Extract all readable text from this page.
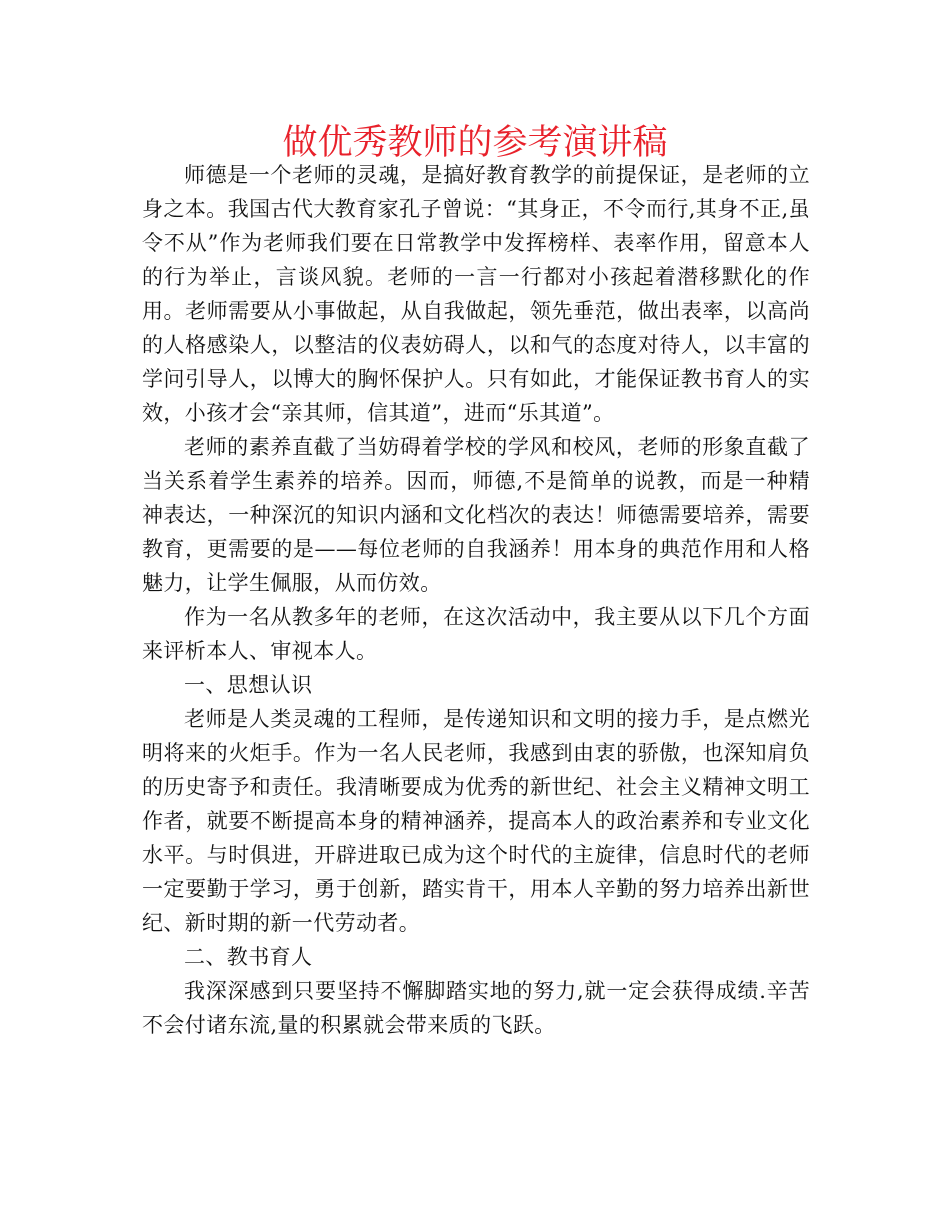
做优秀教师的参考演讲稿

师德是一个老师的灵魂，是搞好教育教学的前提保证，是老师的立身之本。我国古代大教育家孔子曾说：“其身正，不令而行,其身不正,虽令不从”作为老师我们要在日常教学中发挥榜样、表率作用，留意本人的行为举止，言谈风貌。老师的一言一行都对小孩起着潜移默化的作用。老师需要从小事做起，从自我做起，领先垂范，做出表率，以高尚的人格感染人，以整洁的仪表妨碍人，以和气的态度对待人，以丰富的学问引导人，以博大的胸怀保护人。只有如此，才能保证教书育人的实效，小孩才会“亲其师，信其道”，进而“乐其道”。

老师的素养直截了当妨碍着学校的学风和校风，老师的形象直截了当关系着学生素养的培养。因而，师德,不是简单的说教，而是一种精神表达，一种深沉的知识内涵和文化档次的表达！师德需要培养，需要教育，更需要的是——每位老师的自我涵养！用本身的典范作用和人格魅力，让学生佩服，从而仿效。

作为一名从教多年的老师，在这次活动中，我主要从以下几个方面来评析本人、审视本人。

一、思想认识

老师是人类灵魂的工程师，是传递知识和文明的接力手，是点燃光明将来的火炬手。作为一名人民老师，我感到由衷的骄傲，也深知肩负的历史寄予和责任。我清晰要成为优秀的新世纪、社会主义精神文明工作者，就要不断提高本身的精神涵养，提高本人的政治素养和专业文化水平。与时俱进，开辟进取已成为这个时代的主旋律，信息时代的老师一定要勤于学习，勇于创新，踏实肯干，用本人辛勤的努力培养出新世纪、新时期的新一代劳动者。

二、教书育人

我深深感到只要坚持不懈脚踏实地的努力,就一定会获得成绩.辛苦不会付诸东流,量的积累就会带来质的飞跃。
